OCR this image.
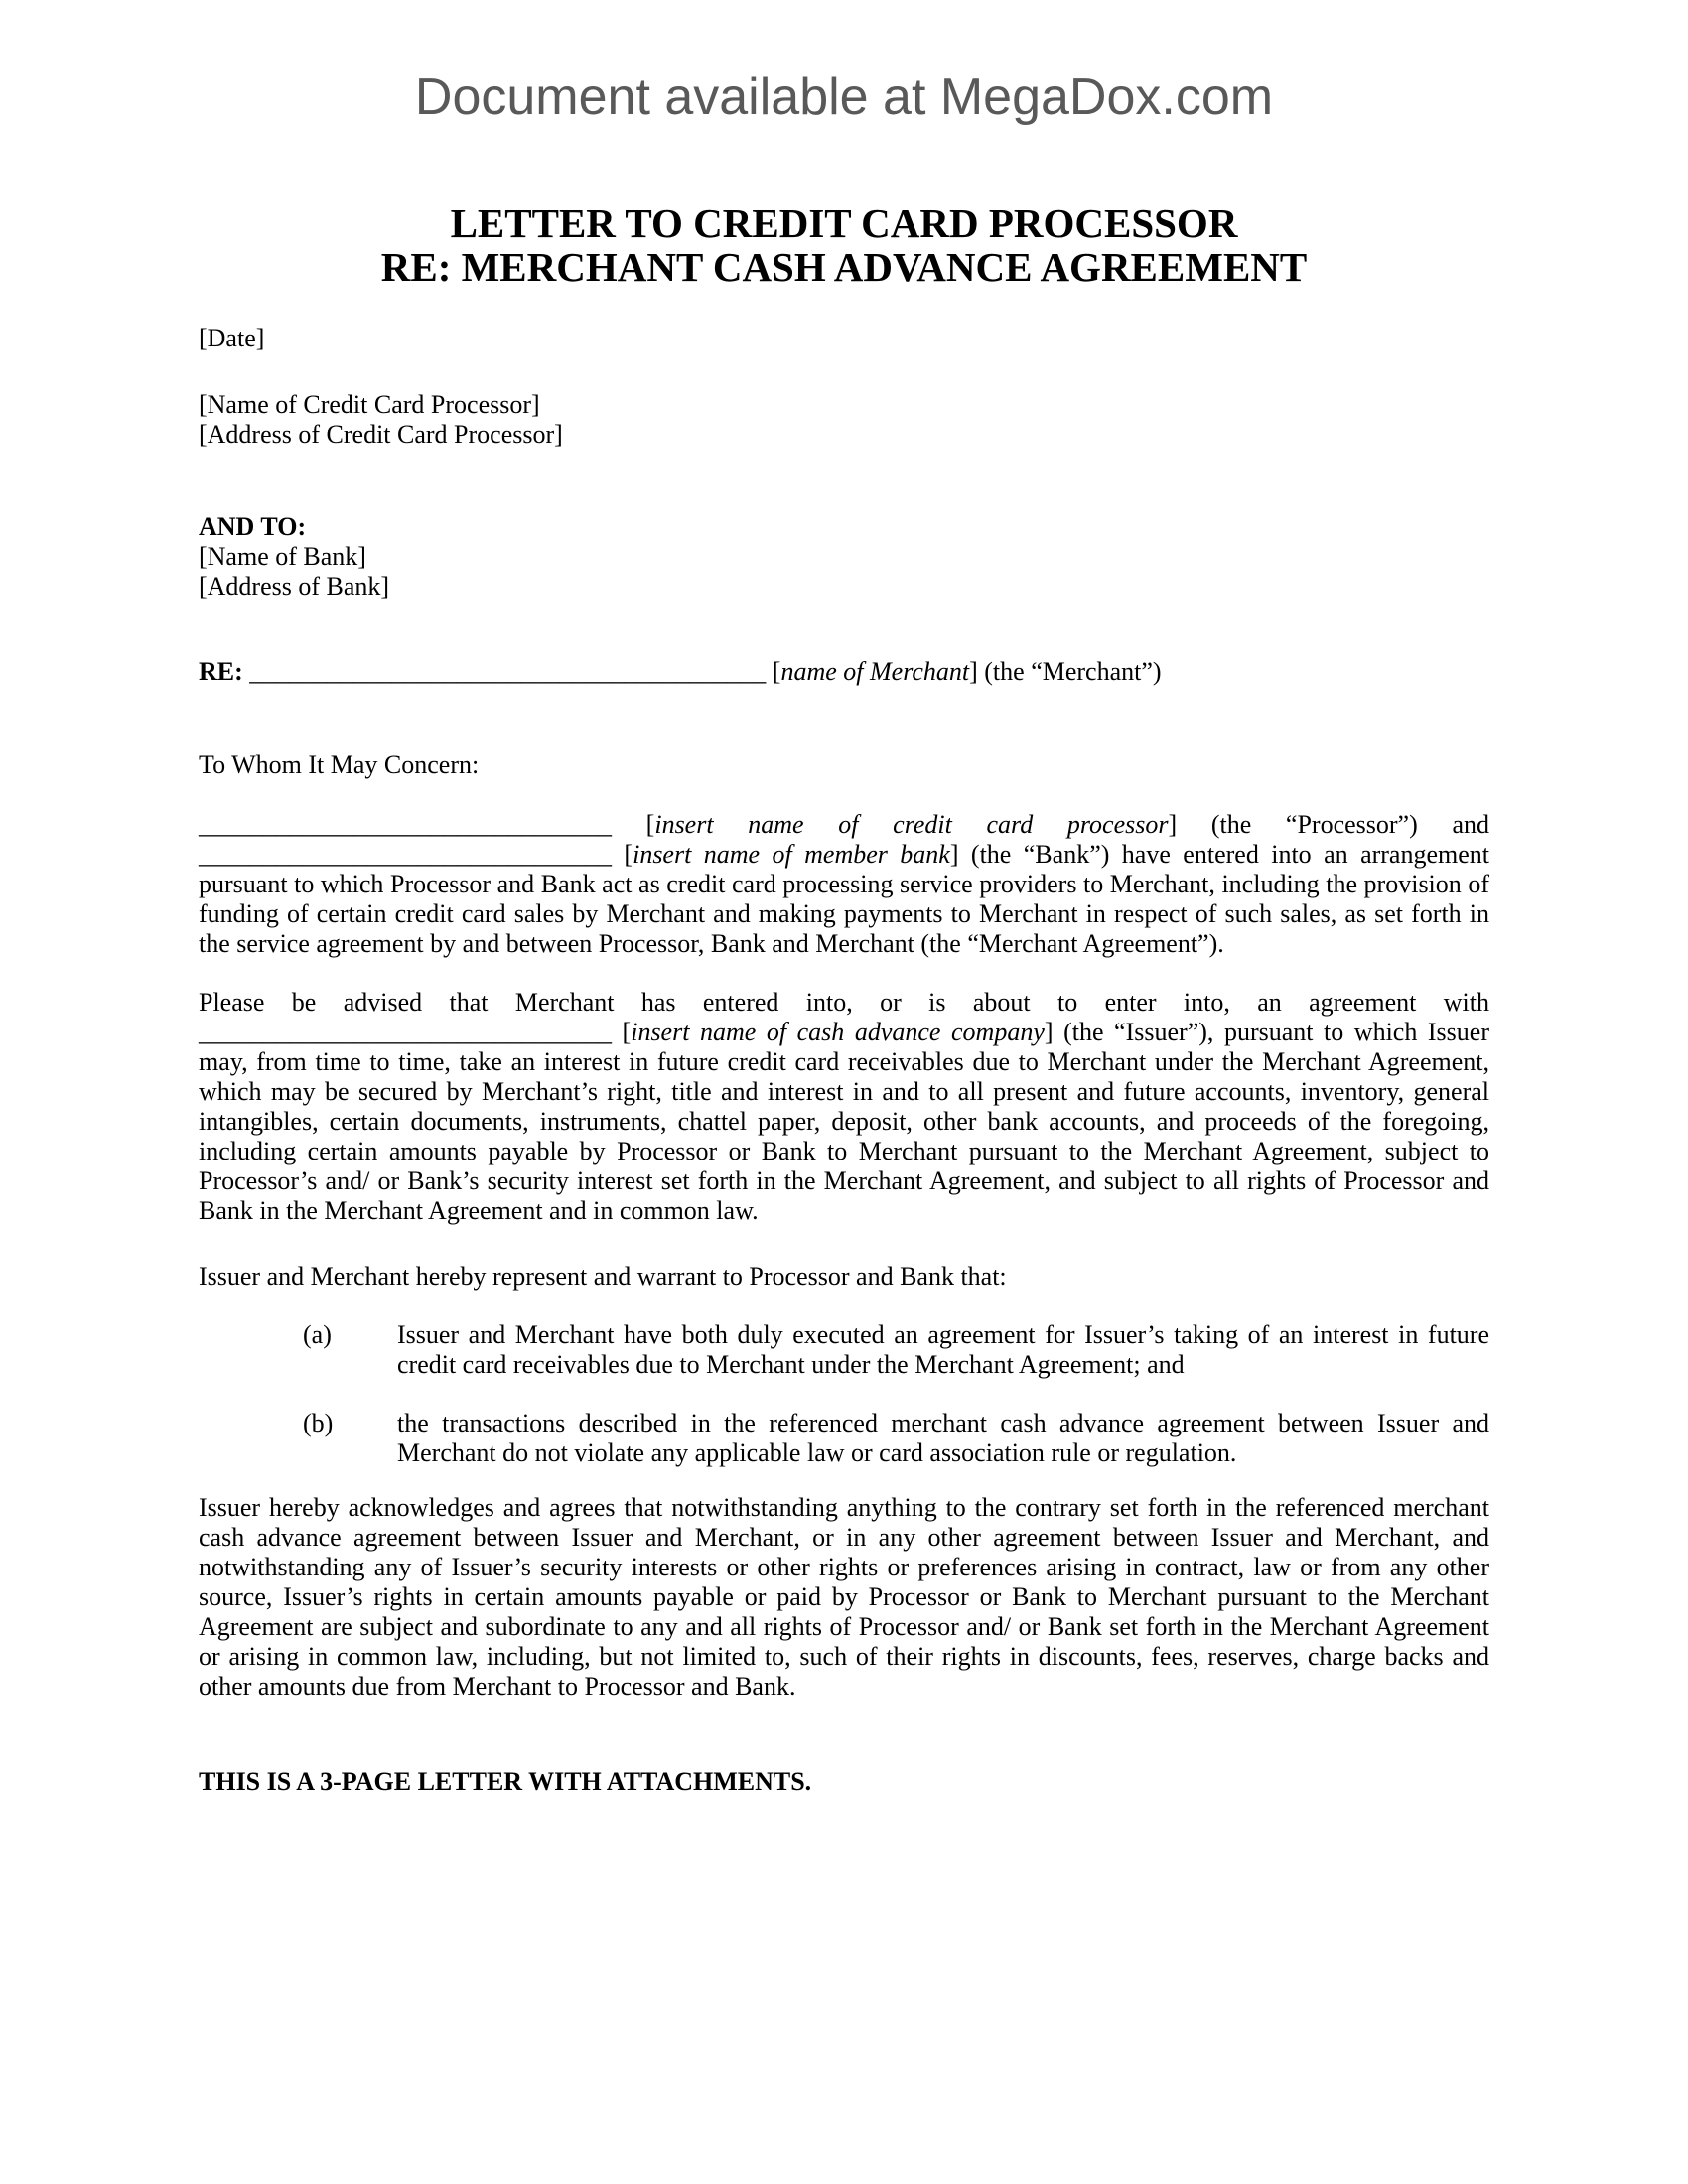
Document available at MegaDox.com
LETTER TO CREDIT CARD PROCESSOR
RE: MERCHANT CASH ADVANCE AGREEMENT

[Date]

[Name of Credit Card Processor]

[Address of Credit Card Processor]

AND TO:

[Name of Bank]

[Address of Bank]

RE: ________________________________________ [name of Merchant] (the “Merchant”)

To Whom It May Concern:

________________________________ [insert name of credit card processor] (the “Processor”) and ________________________________ [insert name of member bank] (the “Bank”) have entered into an arrangement pursuant to which Processor and Bank act as credit card processing service providers to Merchant, including the provision of funding of certain credit card sales by Merchant and making payments to Merchant in respect of such sales, as set forth in the service agreement by and between Processor, Bank and Merchant (the “Merchant Agreement”).

Please be advised that Merchant has entered into, or is about to enter into, an agreement with ________________________________ [insert name of cash advance company] (the “Issuer”), pursuant to which Issuer may, from time to time, take an interest in future credit card receivables due to Merchant under the Merchant Agreement, which may be secured by Merchant’s right, title and interest in and to all present and future accounts, inventory, general intangibles, certain documents, instruments, chattel paper, deposit, other bank accounts, and proceeds of the foregoing, including certain amounts payable by Processor or Bank to Merchant pursuant to the Merchant Agreement, subject to Processor’s and/ or Bank’s security interest set forth in the Merchant Agreement, and subject to all rights of Processor and Bank in the Merchant Agreement and in common law.

Issuer and Merchant hereby represent and warrant to Processor and Bank that:

(a)	Issuer and Merchant have both duly executed an agreement for Issuer’s taking of an interest in future credit card receivables due to Merchant under the Merchant Agreement; and
(b)	the transactions described in the referenced merchant cash advance agreement between Issuer and Merchant do not violate any applicable law or card association rule or regulation.

Issuer hereby acknowledges and agrees that notwithstanding anything to the contrary set forth in the referenced merchant cash advance agreement between Issuer and Merchant, or in any other agreement between Issuer and Merchant, and notwithstanding any of Issuer’s security interests or other rights or preferences arising in contract, law or from any other source, Issuer’s rights in certain amounts payable or paid by Processor or Bank to Merchant pursuant to the Merchant Agreement are subject and subordinate to any and all rights of Processor and/ or Bank set forth in the Merchant Agreement or arising in common law, including, but not limited to, such of their rights in discounts, fees, reserves, charge backs and other amounts due from Merchant to Processor and Bank.

THIS IS A 3-PAGE LETTER WITH ATTACHMENTS.
